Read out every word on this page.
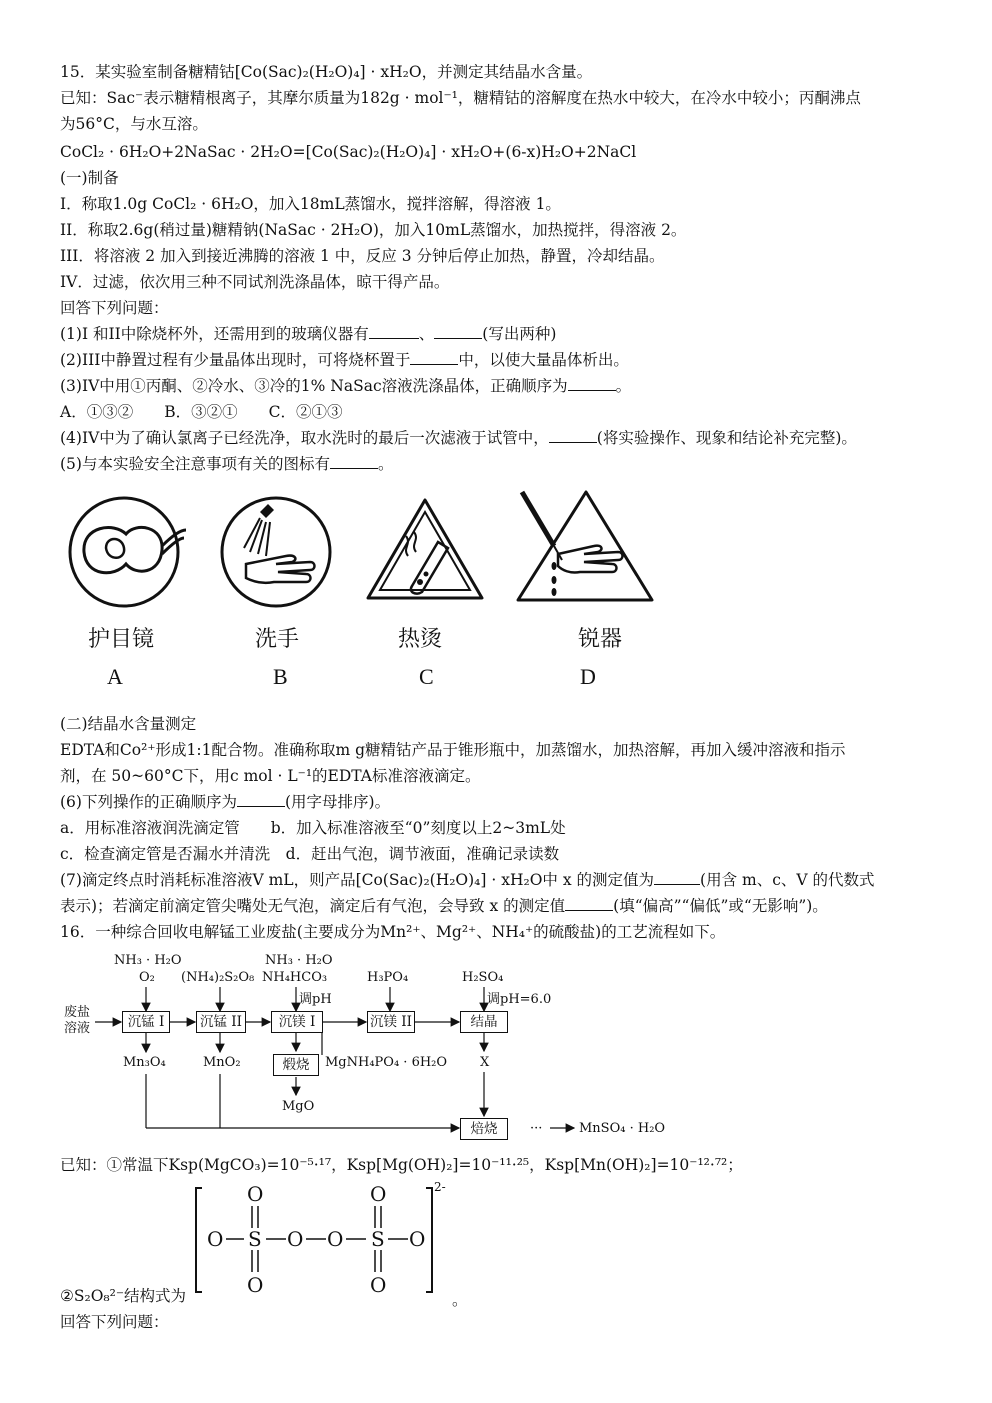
15．某实验室制备糖精钴[Co(Sac)₂(H₂O)₄] · xH₂O，并测定其结晶水含量。
已知：Sac⁻表示糖精根离子，其摩尔质量为182g · mol⁻¹，糖精钴的溶解度在热水中较大，在冷水中较小；丙酮沸点
为56°C，与水互溶。
CoCl₂ · 6H₂O+2NaSac · 2H₂O=[Co(Sac)₂(H₂O)₄] · xH₂O+(6-x)H₂O+2NaCl
(一)制备
I．称取1.0g CoCl₂ · 6H₂O，加入18mL蒸馏水，搅拌溶解，得溶液 1。
II．称取2.6g(稍过量)糖精钠(NaSac · 2H₂O)，加入10mL蒸馏水，加热搅拌，得溶液 2。
III．将溶液 2 加入到接近沸腾的溶液 1 中，反应 3 分钟后停止加热，静置，冷却结晶。
IV．过滤，依次用三种不同试剂洗涤晶体，晾干得产品。
回答下列问题：
(1)I 和II中除烧杯外，还需用到的玻璃仪器有	、	(写出两种)
(2)III中静置过程有少量晶体出现时，可将烧杯置于	中，以使大量晶体析出。
(3)IV中用①丙酮、②冷水、③冷的1% NaSac溶液洗涤晶体，正确顺序为	。
A．①③②　　B．③②①　　C．②①③
(4)IV中为了确认氯离子已经洗净，取水洗时的最后一次滤液于试管中，	(将实验操作、现象和结论补充完整)。
(5)与本实验安全注意事项有关的图标有	。
护目镜	洗手	热烫	锐器
A	B	C	D
(二)结晶水含量测定
EDTA和Co²⁺形成1:1配合物。准确称取m g糖精钴产品于锥形瓶中，加蒸馏水，加热溶解，再加入缓冲溶液和指示
剂，在 50~60°C下，用c mol · L⁻¹的EDTA标准溶液滴定。
(6)下列操作的正确顺序为	(用字母排序)。
a．用标准溶液润洗滴定管　　b．加入标准溶液至“0”刻度以上2~3mL处
c．检查滴定管是否漏水并清洗　d．赶出气泡，调节液面，准确记录读数
(7)滴定终点时消耗标准溶液V mL，则产品[Co(Sac)₂(H₂O)₄] · xH₂O中 x 的测定值为	(用含 m、c、V 的代数式
表示)；若滴定前滴定管尖嘴处无气泡，滴定后有气泡，会导致 x 的测定值	(填“偏高”“偏低”或“无影响”)。
16．一种综合回收电解锰工业废盐(主要成分为Mn²⁺、Mg²⁺、NH₄⁺的硫酸盐)的工艺流程如下。
废盐
溶液
NH₃ · H₂O
O₂ (NH₄)₂S₂O₈
NH₃ · H₂O
NH₄HCO₃
调pH
H₃PO₄	H₂SO₄
调pH=6.0
沉锰 I	沉锰 II	沉镁 I	沉镁 II	结晶
煅烧
焙烧
Mn₃O₄	MnO₂
MgO
MgNH₄PO₄ · 6H₂O	X
···	MnSO₄ · H₂O
已知：①常温下Ksp(MgCO₃)=10⁻⁵·¹⁷，Ksp[Mg(OH)₂]=10⁻¹¹·²⁵，Ksp[Mn(OH)₂]=10⁻¹²·⁷²；
O	O
O S O O S O
O	O
2-
②S₂O₈²⁻结构式为	。
回答下列问题：
